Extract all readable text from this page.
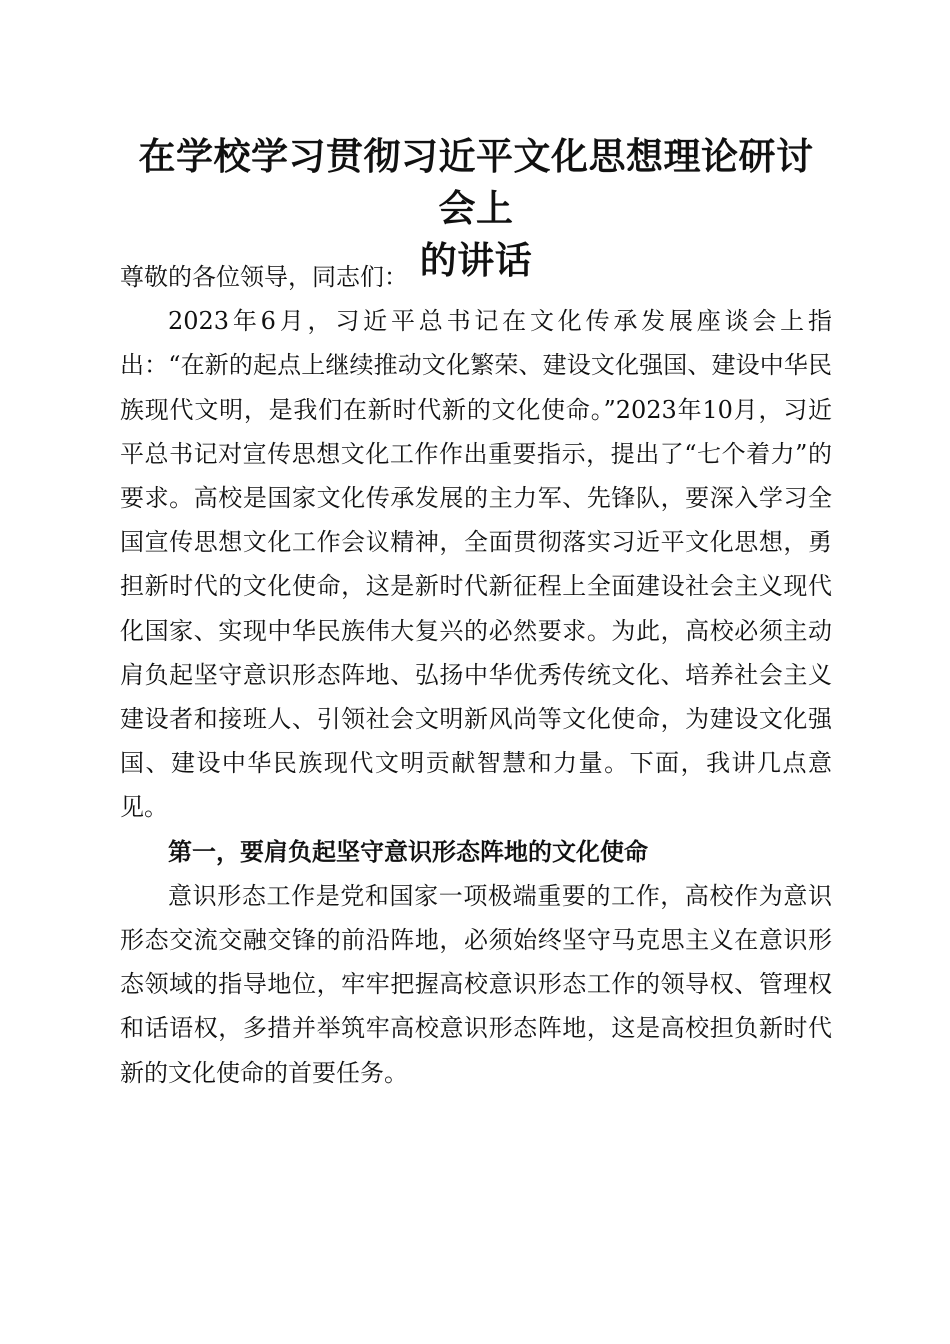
在学校学习贯彻习近平文化思想理论研讨会上
的讲话

尊敬的各位领导，同志们：

2023年6月，习近平总书记在文化传承发展座谈会上指出：“在新的起点上继续推动文化繁荣、建设文化强国、建设中华民族现代文明，是我们在新时代新的文化使命。”2023年10月，习近平总书记对宣传思想文化工作作出重要指示，提出了“七个着力”的要求。高校是国家文化传承发展的主力军、先锋队，要深入学习全国宣传思想文化工作会议精神，全面贯彻落实习近平文化思想，勇担新时代的文化使命，这是新时代新征程上全面建设社会主义现代化国家、实现中华民族伟大复兴的必然要求。为此，高校必须主动肩负起坚守意识形态阵地、弘扬中华优秀传统文化、培养社会主义建设者和接班人、引领社会文明新风尚等文化使命，为建设文化强国、建设中华民族现代文明贡献智慧和力量。下面，我讲几点意见。

第一，要肩负起坚守意识形态阵地的文化使命

意识形态工作是党和国家一项极端重要的工作，高校作为意识形态交流交融交锋的前沿阵地，必须始终坚守马克思主义在意识形态领域的指导地位，牢牢把握高校意识形态工作的领导权、管理权和话语权，多措并举筑牢高校意识形态阵地，这是高校担负新时代新的文化使命的首要任务。
